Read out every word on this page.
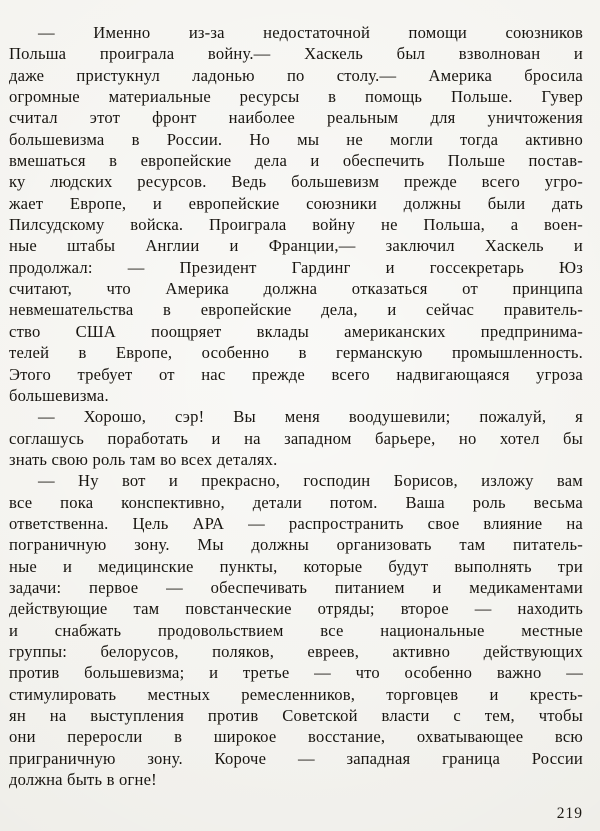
— Именно из-за недостаточной помощи союзников
Польша проиграла войну.— Хаскель был взволнован и
даже пристукнул ладонью по столу.— Америка бросила
огромные материальные ресурсы в помощь Польше. Гувер
считал этот фронт наиболее реальным для уничтожения
большевизма в России. Но мы не могли тогда активно
вмешаться в европейские дела и обеспечить Польше постав-
ку людских ресурсов. Ведь большевизм прежде всего угро-
жает Европе, и европейские союзники должны были дать
Пилсудскому войска. Проиграла войну не Польша, а воен-
ные штабы Англии и Франции,— заключил Хаскель и
продолжал: — Президент Гардинг и госсекретарь Юз
считают, что Америка должна отказаться от принципа
невмешательства в европейские дела, и сейчас правитель-
ство США поощряет вклады американских предпринима-
телей в Европе, особенно в германскую промышленность.
Этого требует от нас прежде всего надвигающаяся угроза
большевизма.
— Хорошо, сэр! Вы меня воодушевили; пожалуй, я
соглашусь поработать и на западном барьере, но хотел бы
знать свою роль там во всех деталях.
— Ну вот и прекрасно, господин Борисов, изложу вам
все пока конспективно, детали потом. Ваша роль весьма
ответственна. Цель АРА — распространить свое влияние на
пограничную зону. Мы должны организовать там питатель-
ные и медицинские пункты, которые будут выполнять три
задачи: первое — обеспечивать питанием и медикаментами
действующие там повстанческие отряды; второе — находить
и снабжать продовольствием все национальные местные
группы: белорусов, поляков, евреев, активно действующих
против большевизма; и третье — что особенно важно —
стимулировать местных ремесленников, торговцев и кресть-
ян на выступления против Советской власти с тем, чтобы
они переросли в широкое восстание, охватывающее всю
приграничную зону. Короче — западная граница России
должна быть в огне!
219
